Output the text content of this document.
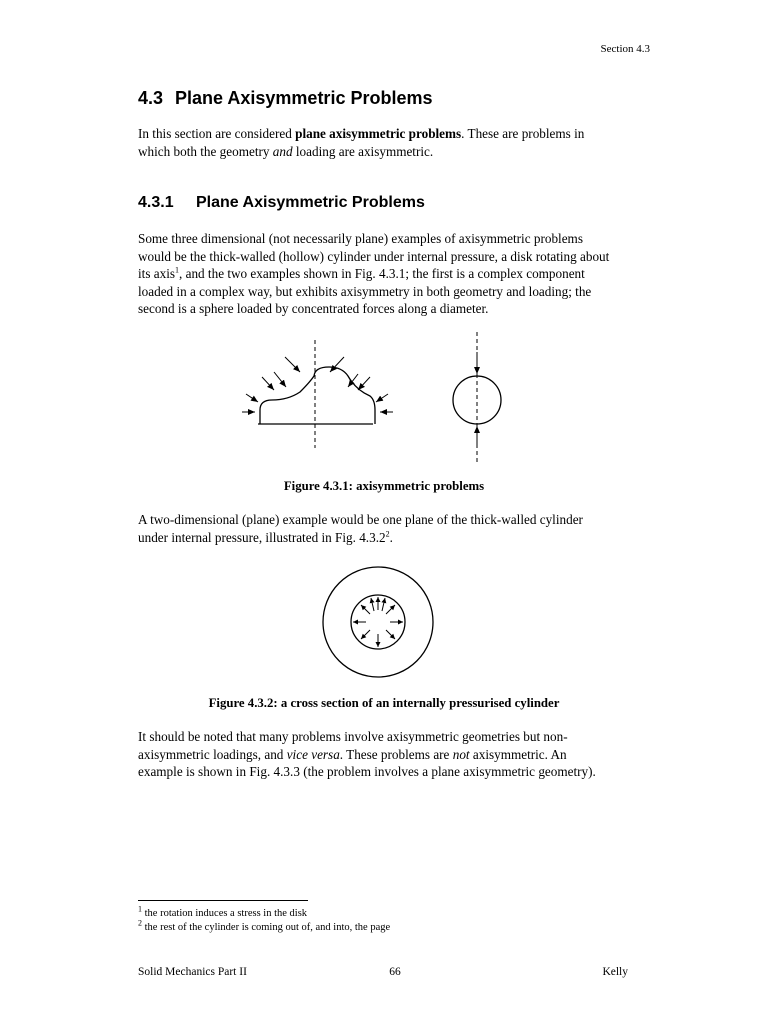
Section 4.3
4.3 Plane Axisymmetric Problems
In this section are considered plane axisymmetric problems. These are problems in
which both the geometry and loading are axisymmetric.
4.3.1 Plane Axisymmetric Problems
Some three dimensional (not necessarily plane) examples of axisymmetric problems
would be the thick-walled (hollow) cylinder under internal pressure, a disk rotating about
its axis$^1$, and the two examples shown in Fig. 4.3.1; the first is a complex component
loaded in a complex way, but exhibits axisymmetry in both geometry and loading; the
second is a sphere loaded by concentrated forces along a diameter.
Figure 4.3.1: axisymmetric problems
A two-dimensional (plane) example would be one plane of the thick-walled cylinder
under internal pressure, illustrated in Fig. 4.3.2$^2$.
Figure 4.3.2: a cross section of an internally pressurised cylinder
It should be noted that many problems involve axisymmetric geometries but non-
axisymmetric loadings, and vice versa. These problems are not axisymmetric. An
example is shown in Fig. 4.3.3 (the problem involves a plane axisymmetric geometry).
$^1$ the rotation induces a stress in the disk
$^2$ the rest of the cylinder is coming out of, and into, the page
Solid Mechanics Part II	66	Kelly
